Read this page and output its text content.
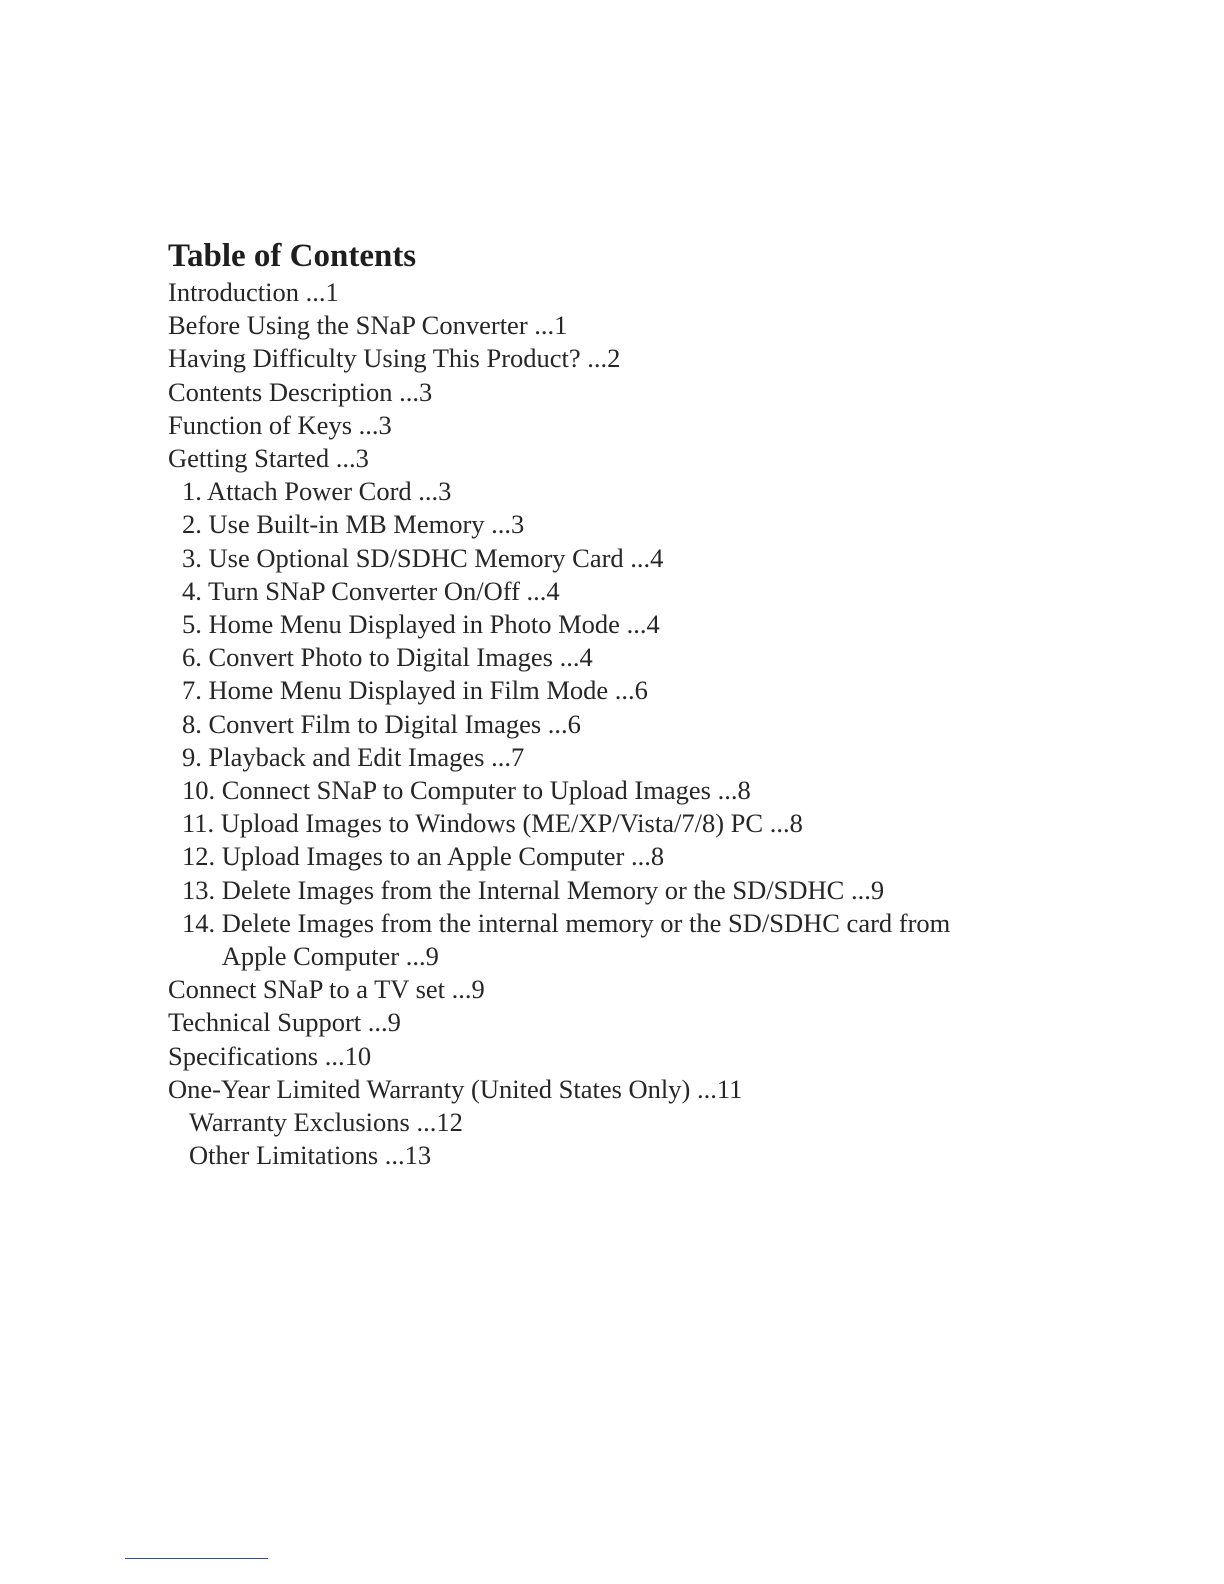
Table of Contents
Introduction ...1
Before Using the SNaP Converter ...1
Having Difficulty Using This Product? ...2
Contents Description ...3
Function of Keys ...3
Getting Started ...3
1. Attach Power Cord ...3
2. Use Built-in MB Memory ...3
3. Use Optional SD/SDHC Memory Card ...4
4. Turn SNaP Converter On/Off ...4
5. Home Menu Displayed in Photo Mode ...4
6. Convert Photo to Digital Images ...4
7. Home Menu Displayed in Film Mode ...6
8. Convert Film to Digital Images ...6
9. Playback and Edit Images ...7
10. Connect SNaP to Computer to Upload Images ...8
11. Upload Images to Windows (ME/XP/Vista/7/8) PC ...8
12. Upload Images to an Apple Computer ...8
13. Delete Images from the Internal Memory or the SD/SDHC ...9
14.
Delete Images from the internal memory or the SD/SDHC card from Apple Computer ...9
Connect SNaP to a TV set ...9
Technical Support ...9
Specifications ...10
One-Year Limited Warranty (United States Only) ...11
Warranty Exclusions ...12
Other Limitations ...13
